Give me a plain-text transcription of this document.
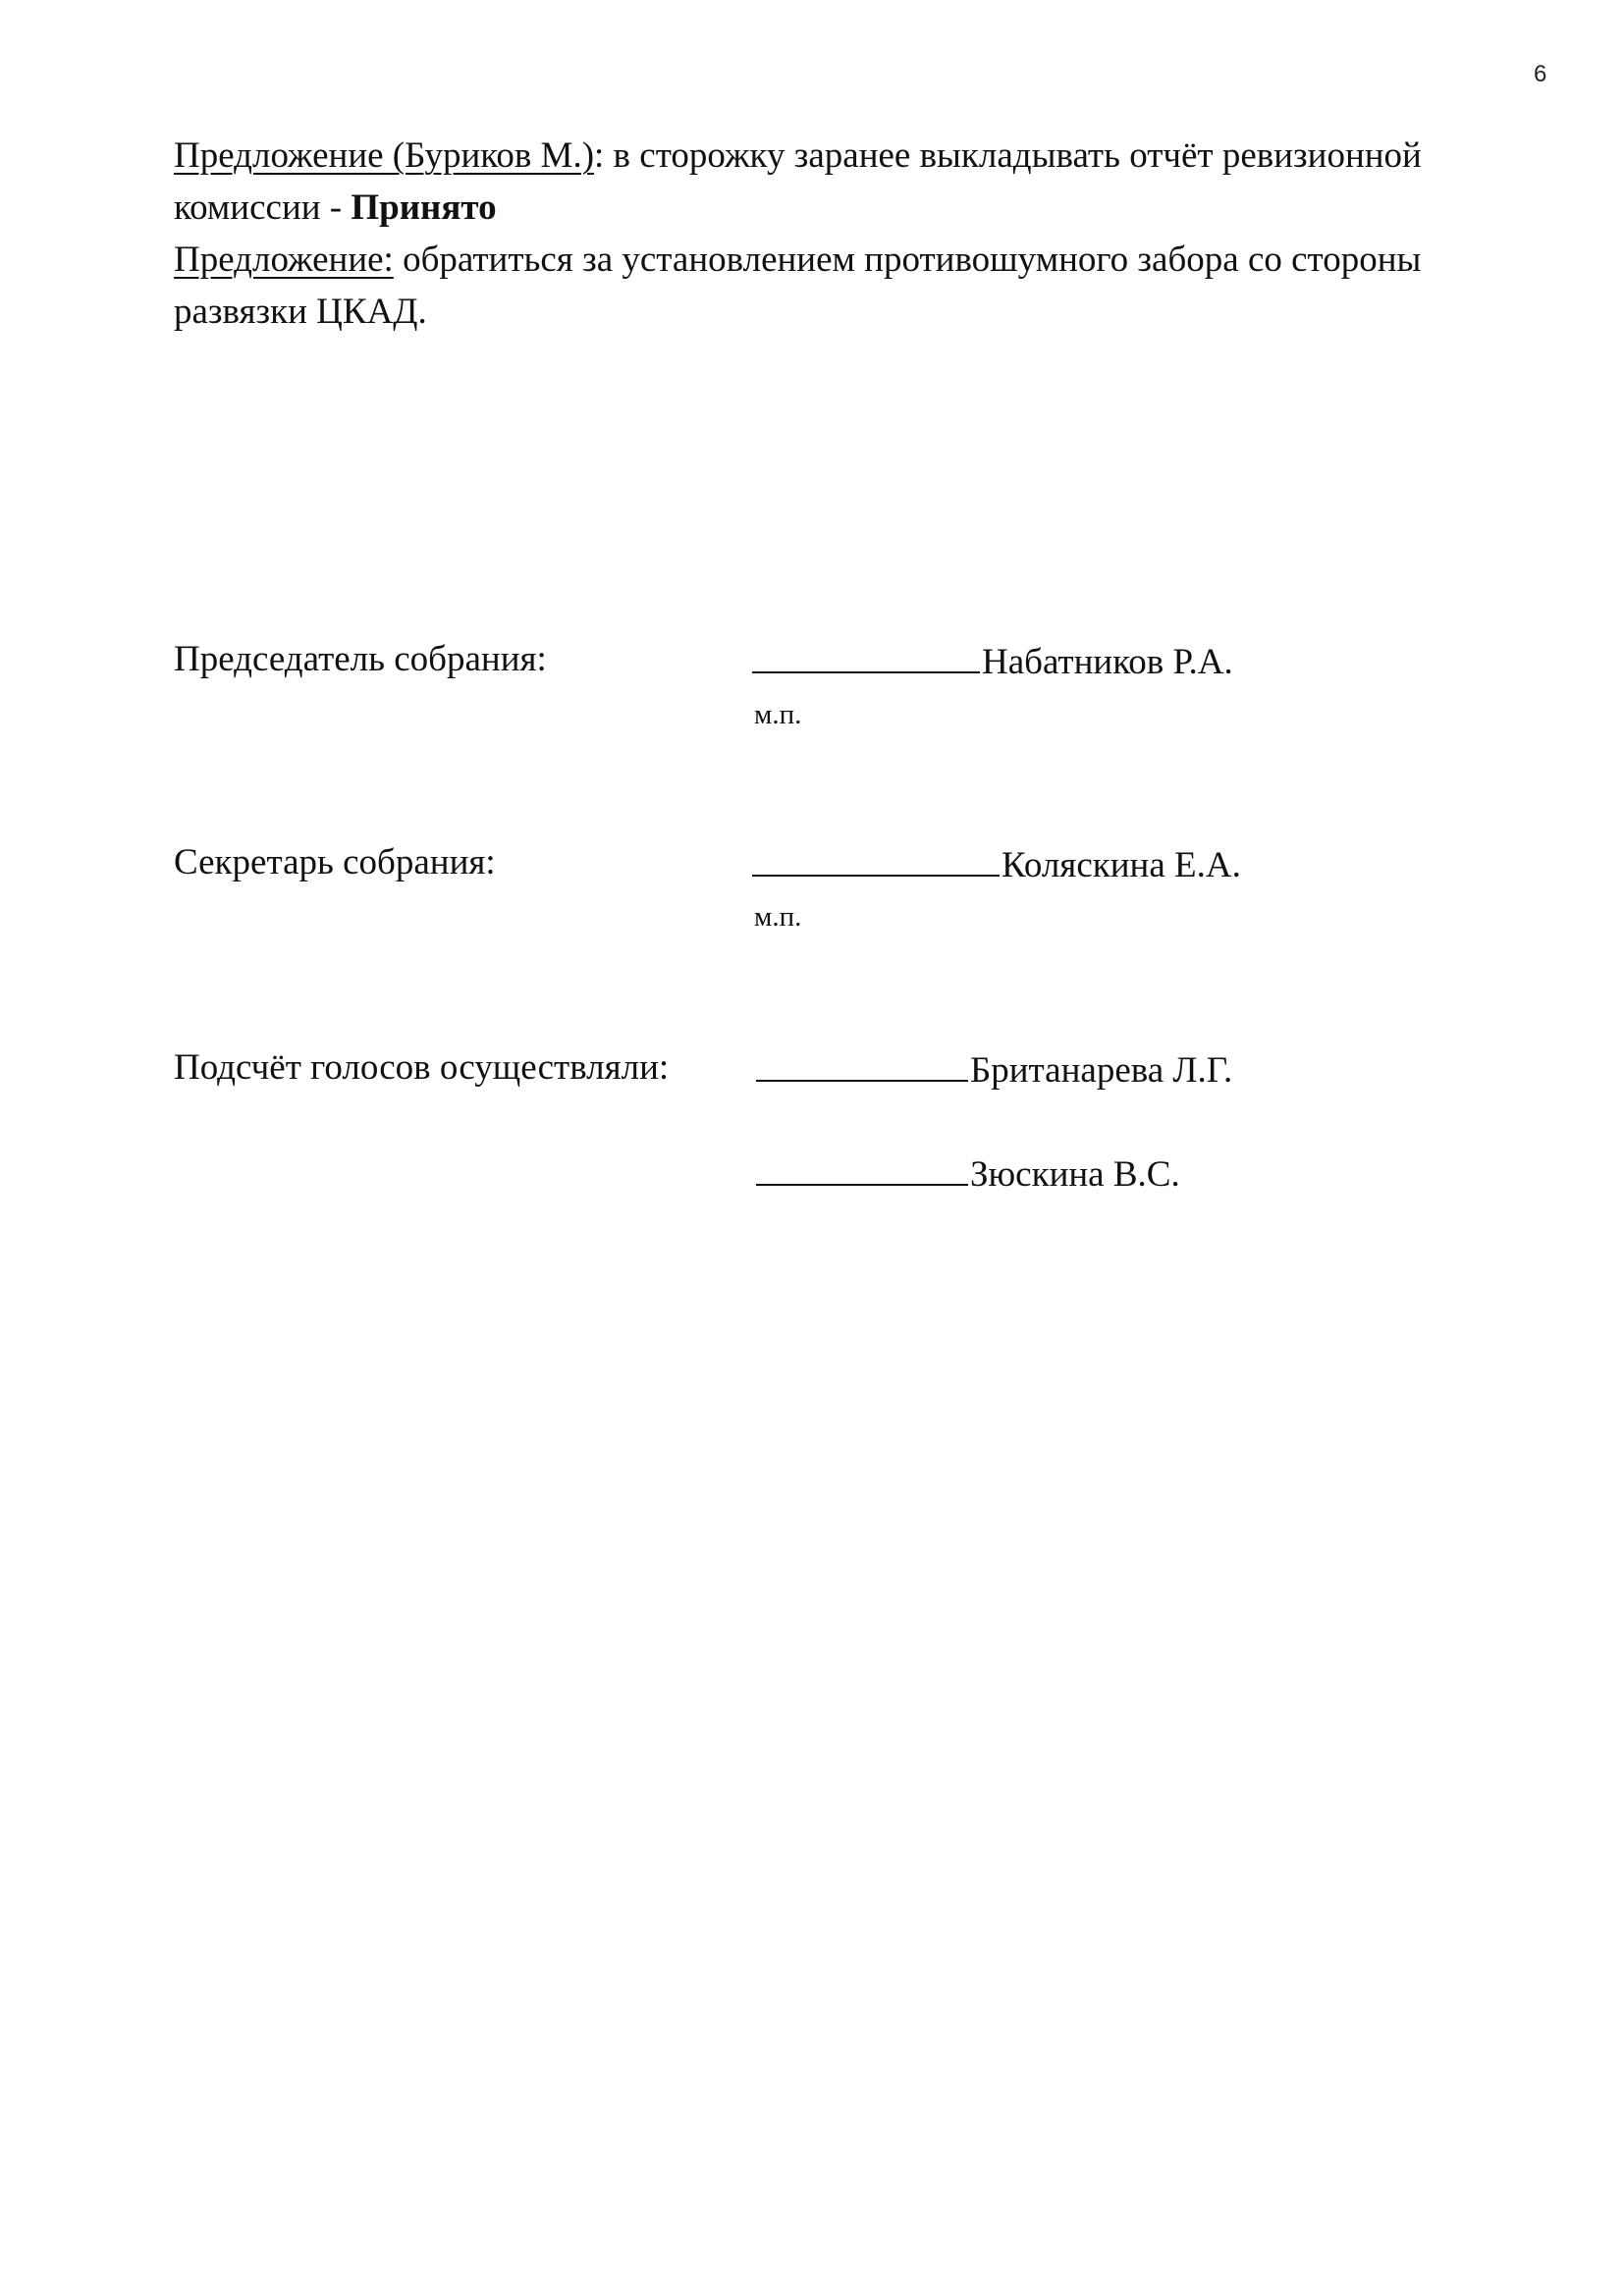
6

Предложение (Буриков М.): в сторожку заранее выкладывать отчёт ревизионной комиссии - Принято

Предложение: обратиться за установлением противошумного забора со стороны развязки ЦКАД.

Председатель собрания:	Набатников Р.А.
м.п.
Секретарь собрания:	Коляскина Е.А.
м.п.
Подсчёт голосов осуществляли:	Британарева Л.Г.
Зюскина В.С.
